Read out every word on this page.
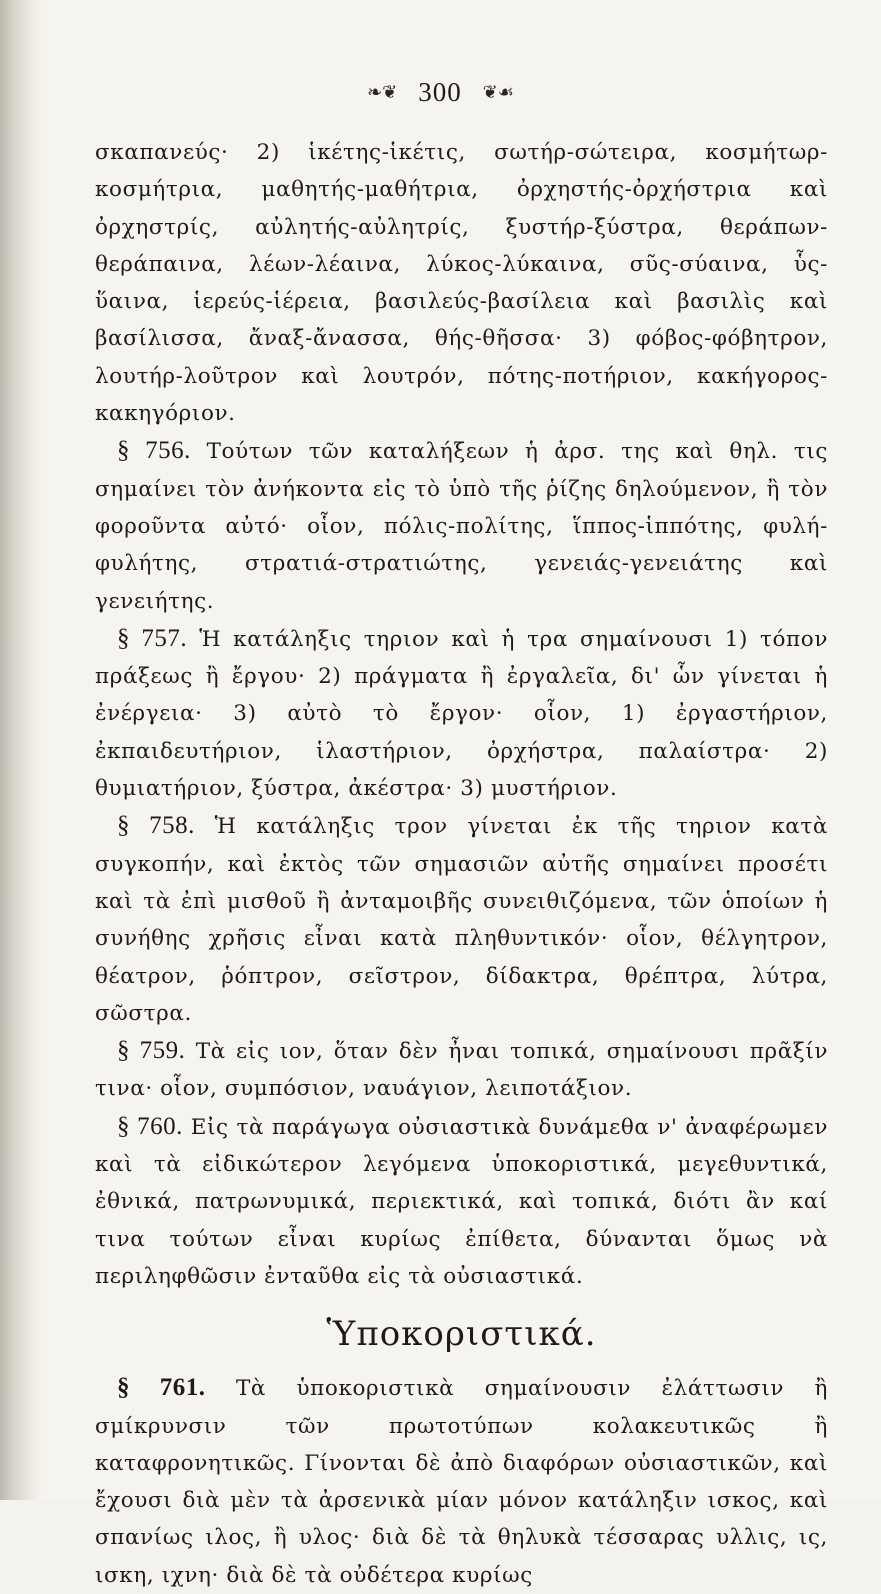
❧❦ 300 ❦☙

σκαπανεύς· 2) ἱκέτης-ἱκέτις, σωτήρ-σώτειρα, κοσμήτωρ-κοσμήτρια, μαθητής-μαθήτρια, ὀρχηστής-ὀρχήστρια καὶ ὀρχηστρίς, αὐλητής-αὐλητρίς, ξυστήρ-ξύστρα, θεράπων-θεράπαινα, λέων-λέαινα, λύκος-λύκαινα, σῦς-σύαινα, ὗς-ὕαινα, ἱερεύς-ἱέρεια, βασιλεύς-βασίλεια καὶ βασιλὶς καὶ βασίλισσα, ἄναξ-ἄνασσα, θής-θῆσσα· 3) φόβος-φόβητρον, λουτήρ-λοῦτρον καὶ λουτρόν, πότης-ποτήριον, κακήγορος-κακηγόριον.

§ 756. Τούτων τῶν καταλήξεων ἡ ἀρσ. της καὶ θηλ. τις σημαίνει τὸν ἀνήκοντα εἰς τὸ ὑπὸ τῆς ῥίζης δηλούμενον, ἢ τὸν φοροῦντα αὐτό· οἷον, πόλις-πολίτης, ἵππος-ἱππότης, φυλή-φυλήτης, στρατιά-στρατιώτης, γενειάς-γενειάτης καὶ γενειήτης.

§ 757. Ἡ κατάληξις τηριον καὶ ἡ τρα σημαίνουσι 1) τόπον πράξεως ἢ ἔργου· 2) πράγματα ἢ ἐργαλεῖα, δι' ὧν γίνεται ἡ ἐνέργεια· 3) αὐτὸ τὸ ἔργον· οἷον, 1) ἐργαστήριον, ἐκπαιδευτήριον, ἱλαστήριον, ὀρχήστρα, παλαίστρα· 2) θυμιατήριον, ξύστρα, ἀκέστρα· 3) μυστήριον.

§ 758. Ἡ κατάληξις τρον γίνεται ἐκ τῆς τηριον κατὰ συγκοπήν, καὶ ἐκτὸς τῶν σημασιῶν αὐτῆς σημαίνει προσέτι καὶ τὰ ἐπὶ μισθοῦ ἢ ἀνταμοιβῆς συνειθιζόμενα, τῶν ὁποίων ἡ συνήθης χρῆσις εἶναι κατὰ πληθυντικόν· οἷον, θέλγητρον, θέατρον, ῥόπτρον, σεῖστρον, δίδακτρα, θρέπτρα, λύτρα, σῶστρα.

§ 759. Τὰ εἰς ιον, ὅταν δὲν ἦναι τοπικά, σημαίνουσι πρᾶξίν τινα· οἷον, συμπόσιον, ναυάγιον, λειποτάξιον.

§ 760. Εἰς τὰ παράγωγα οὐσιαστικὰ δυνάμεθα ν' ἀναφέρωμεν καὶ τὰ εἰδικώτερον λεγόμενα ὑποκοριστικά, μεγεθυντικά, ἐθνικά, πατρωνυμικά, περιεκτικά, καὶ τοπικά, διότι ἂν καί τινα τούτων εἶναι κυρίως ἐπίθετα, δύνανται ὅμως νὰ περιληφθῶσιν ἐνταῦθα εἰς τὰ οὐσιαστικά.

Ὑποκοριστικά.

§ 761. Τὰ ὑποκοριστικὰ σημαίνουσιν ἐλάττωσιν ἢ σμίκρυνσιν τῶν πρωτοτύπων κολακευτικῶς ἢ καταφρονητικῶς. Γίνονται δὲ ἀπὸ διαφόρων οὐσιαστικῶν, καὶ ἔχουσι διὰ μὲν τὰ ἀρσενικὰ μίαν μόνον κατάληξιν ισκος, καὶ σπανίως ιλος, ἢ υλος· διὰ δὲ τὰ θηλυκὰ τέσσαρας υλλις, ις, ισκη, ιχνη· διὰ δὲ τὰ οὐδέτερα κυρίως
